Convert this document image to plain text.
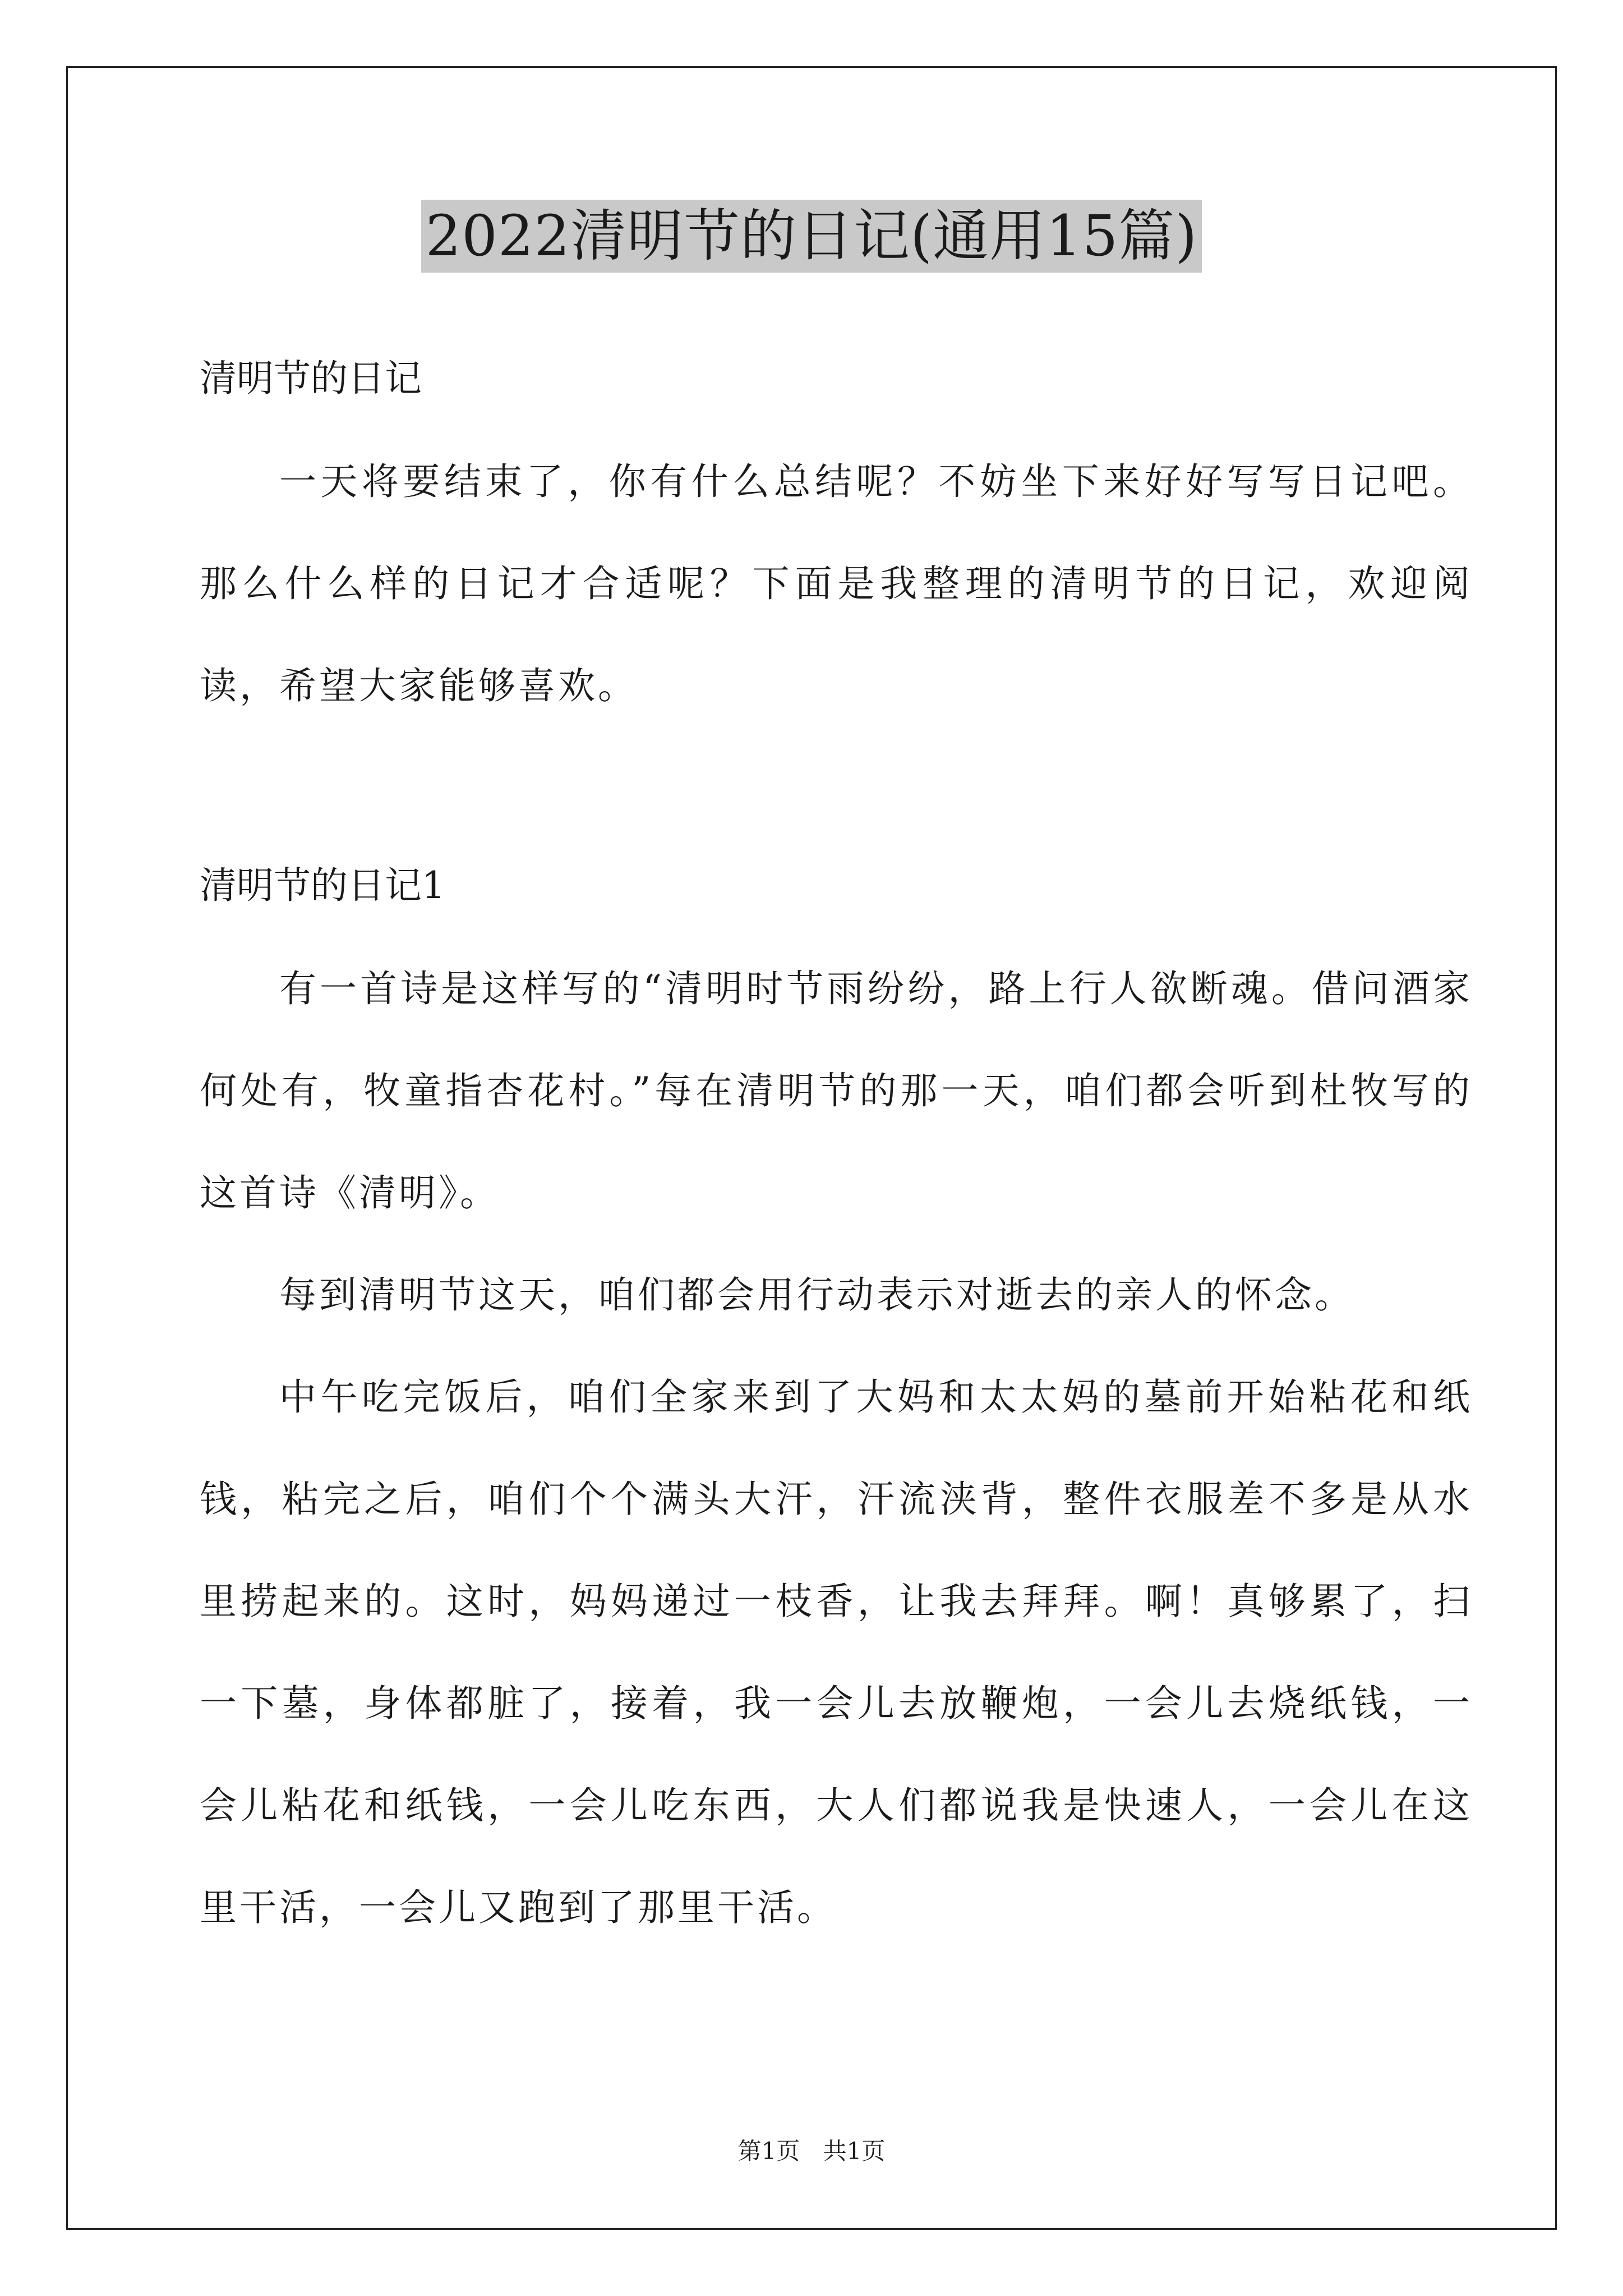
2022清明节的日记(通用15篇)

清明节的日记

一天将要结束了，你有什么总结呢？不妨坐下来好好写写日记吧。那么什么样的日记才合适呢？下面是我整理的清明节的日记，欢迎阅读，希望大家能够喜欢。

清明节的日记1

有一首诗是这样写的“清明时节雨纷纷，路上行人欲断魂。借问酒家何处有，牧童指杏花村。”每在清明节的那一天，咱们都会听到杜牧写的这首诗《清明》。

每到清明节这天，咱们都会用行动表示对逝去的亲人的怀念。

中午吃完饭后，咱们全家来到了大妈和太太妈的墓前开始粘花和纸钱，粘完之后，咱们个个满头大汗，汗流浃背，整件衣服差不多是从水里捞起来的。这时，妈妈递过一枝香，让我去拜拜。啊！真够累了，扫一下墓，身体都脏了，接着，我一会儿去放鞭炮，一会儿去烧纸钱，一会儿粘花和纸钱，一会儿吃东西，大人们都说我是快速人，一会儿在这里干活，一会儿又跑到了那里干活。

第1页 共1页
